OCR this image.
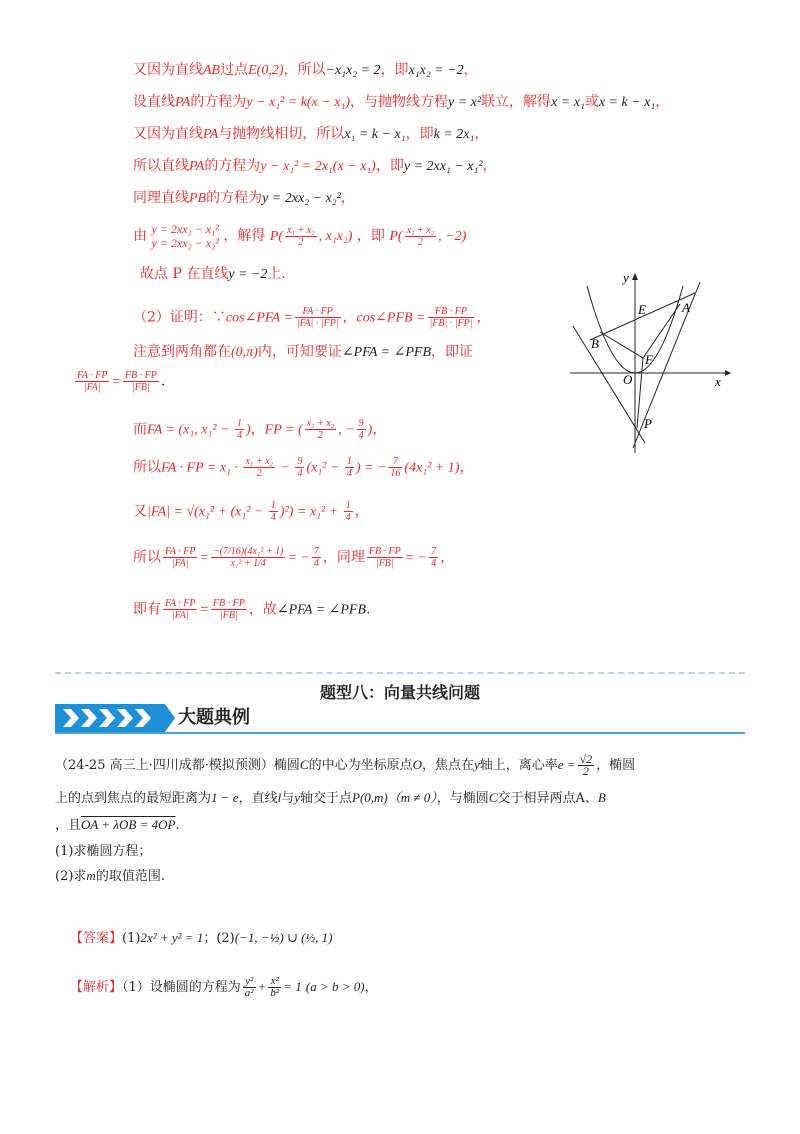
又因为直线AB过点E(0,2)，所以−x₁x₂ = 2，即x₁x₂ = −2，
设直线PA的方程为y − x₁² = k(x − x₁)，与抛物线方程y = x²联立，解得x = x₁或x = k − x₁，
又因为直线PA与抛物线相切，所以x₁ = k − x₁，即k = 2x₁，
所以直线PA的方程为y − x₁² = 2x₁(x − x₁)，即y = 2xx₁ − x₁²，
同理直线PB的方程为y = 2xx₂ − x₂²，
由 y = 2xx₁ − x₁²
y = 2xx₂ − x₂² ，解得 $P( \frac{\text{x₁ + x₂}}{2}$ , x₁x₂) ，即 $P( \frac{\text{x₁ + x₂}}{2}$ , −2)
故点 P 在直线y = −2上.
（2）证明：∵cos∠PFA = $\frac{FA \cdot FP}{|FA| \cdot |FP|}$ ，cos∠PFB = $\frac{FB \cdot FP}{|FB| \cdot |FP|}$ ，
注意到两角都在(0,π)内，可知要证∠PFA = ∠PFB，即证
$\frac{FA \cdot FP}{|FA|} = \frac{FB \cdot FP}{|FB|}$ .
而FA = (x₁, $x_1^2 - \frac{1}{4}$ )，FP = ( $\frac{\text{x₁ + x₂}}{2}$ , − $\frac{9}{4}$ )，
所以FA · FP = $x_1 \cdot \frac{\text{x₁ + x₂}}{2} - \frac{9}{4} (x_1^2 - \frac{1}{4}$ ) = − $\frac{7}{16} (4x_1^2 + 1)$，
又$|FA| = √(x_1^2 + (x_1^2 - \frac{1}{4} )^2) = x_1^2 + \frac{1}{4}$ ，
所以 $\frac{FA \cdot FP}{|FA|} = \frac{\text{−(7/16)(4x₁² + 1)}}{\text{x₁² + 1/4}}$ = − $\frac{7}{4}$ ，同理 $\frac{FB \cdot FP}{|FB|}$ = − $\frac{7}{4}$ ，
即有 $\frac{FA \cdot FP}{|FA|} = \frac{FB \cdot FP}{|FB|}$ ，故∠PFA = ∠PFB.
x
y
E	A
B
F
O
P
题型八：向量共线问题
大题典例
（24-25 高三上·四川成都·模拟预测）椭圆C的中心为坐标原点O，焦点在y轴上，离心率$e = \frac{√2}{2}$ ，椭圆
上的点到焦点的最短距离为1 − e，直线l与y轴交于点P(0,m)（m ≠ 0），与椭圆C交于相异两点A、B
，且OA + λOB = 4OP.
(1)求椭圆方程；
(2)求m的取值范围.
【答案】(1)2x² + y² = 1；(2)(−1, −½) ∪ (½, 1)
【解析】（1）设椭圆的方程为 $\frac{\text{y²}}{\text{a²}} + \frac{\text{x²}}{\text{b²}} = 1$ (a > b > 0)，
